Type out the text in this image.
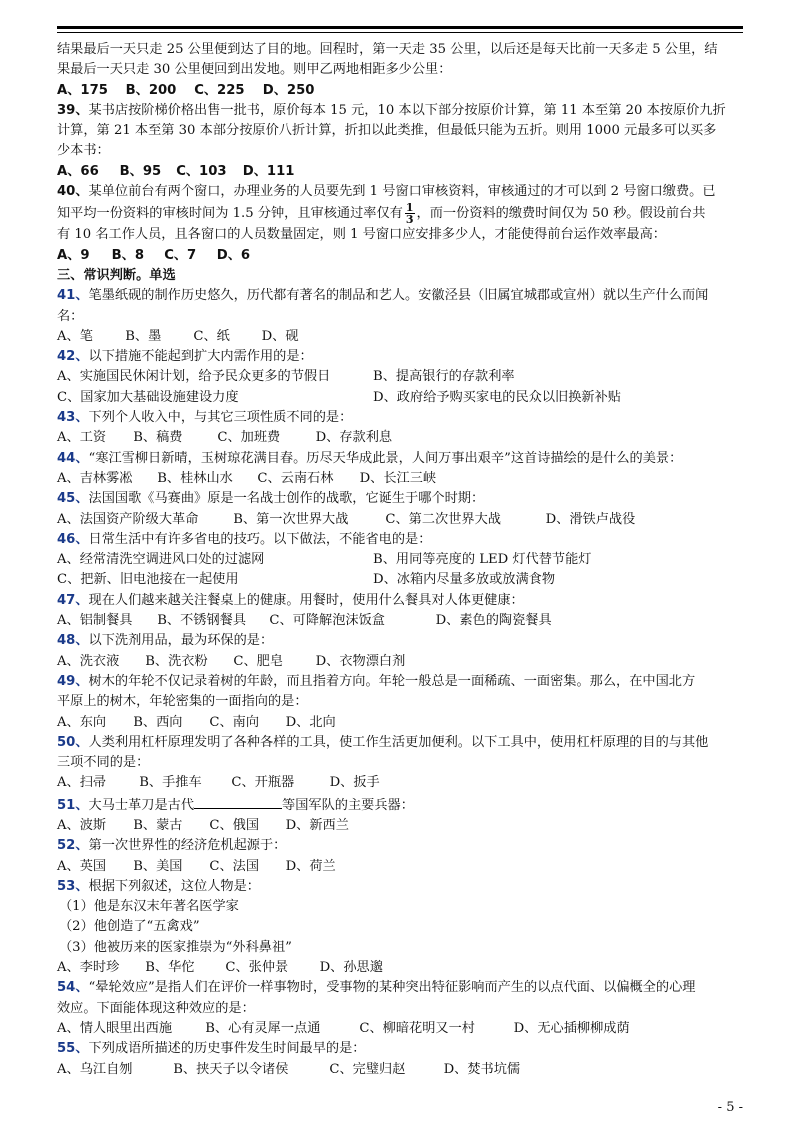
结果最后一天只走 25 公里便到达了目的地。回程时，第一天走 35 公里，以后还是每天比前一天多走 5 公里，结

果最后一天只走 30 公里便回到出发地。则甲乙两地相距多少公里：

A、175 B、200 C、225 D、250

39、某书店按阶梯价格出售一批书，原价每本 15 元，10 本以下部分按原价计算，第 11 本至第 20 本按原价九折

计算，第 21 本至第 30 本部分按原价八折计算，折扣以此类推，但最低只能为五折。则用 1000 元最多可以买多

少本书：

A、66 B、95 C、103 D、111

40、某单位前台有两个窗口，办理业务的人员要先到 1 号窗口审核资料，审核通过的才可以到 2 号窗口缴费。已

知平均一份资料的审核时间为 1.5 分钟，且审核通过率仅有 $\frac{1}{3}$ ，而一份资料的缴费时间仅为 50 秒。假设前台共

有 10 名工作人员，且各窗口的人员数量固定，则 1 号窗口应安排多少人，才能使得前台运作效率最高：

A、9 B、8 C、7 D、6

三、常识判断。单选

41、笔墨纸砚的制作历史悠久，历代都有著名的制品和艺人。安徽泾县（旧属宜城郡或宣州）就以生产什么而闻

名：

A、笔 B、墨 C、纸 D、砚

42、以下措施不能起到扩大内需作用的是：

A、实施国民休闲计划，给予民众更多的节假日	B、提高银行的存款利率

C、国家加大基础设施建设力度	D、政府给予购买家电的民众以旧换新补贴

43、下列个人收入中，与其它三项性质不同的是：

A、工资 B、稿费	C、加班费	D、存款利息

44、“寒江雪柳日新晴，玉树琼花满目春。历尽天华成此景，人间万事出艰辛”这首诗描绘的是什么的美景：

A、吉林雾凇 B、桂林山水 C、云南石林 D、长江三峡

45、法国国歌《马赛曲》原是一名战士创作的战歌，它诞生于哪个时期：

A、法国资产阶级大革命	B、第一次世界大战	C、第二次世界大战	D、滑铁卢战役

46、日常生活中有许多省电的技巧。以下做法，不能省电的是：

A、经常清洗空调进风口处的过滤网	B、用同等亮度的 LED 灯代替节能灯

C、把新、旧电池接在一起使用	D、冰箱内尽量多放或放满食物

47、现在人们越来越关注餐桌上的健康。用餐时，使用什么餐具对人体更健康：

A、铝制餐具 B、不锈钢餐具 C、可降解泡沫饭盒	D、素色的陶瓷餐具

48、以下洗剂用品，最为环保的是：

A、洗衣液 B、洗衣粉 C、肥皂 D、衣物漂白剂

49、树木的年轮不仅记录着树的年龄，而且指着方向。年轮一般总是一面稀疏、一面密集。那么，在中国北方

平原上的树木，年轮密集的一面指向的是：

A、东向 B、西向 C、南向 D、北向

50、人类利用杠杆原理发明了各种各样的工具，使工作生活更加便利。以下工具中，使用杠杆原理的目的与其他

三项不同的是：

A、扫帚	B、手推车 C、开瓶器	D、扳手

51、大马士革刀是古代	等国军队的主要兵器：

A、波斯 B、蒙古 C、俄国 D、新西兰

52、第一次世界性的经济危机起源于：

A、英国 B、美国 C、法国 D、荷兰

53、根据下列叙述，这位人物是：

（1）他是东汉末年著名医学家

（2）他创造了“五禽戏”

（3）他被历来的医家推崇为“外科鼻祖”

A、李时珍 B、华佗 C、张仲景 D、孙思邈

54、“晕轮效应”是指人们在评价一样事物时，受事物的某种突出特征影响而产生的以点代面、以偏概全的心理

效应。下面能体现这种效应的是：

A、情人眼里出西施	B、心有灵犀一点通	C、柳暗花明又一村	D、无心插柳柳成荫

55、下列成语所描述的历史事件发生时间最早的是：

A、乌江自刎	B、挟天子以令诸侯	C、完璧归赵	D、焚书坑儒

- 5 -
